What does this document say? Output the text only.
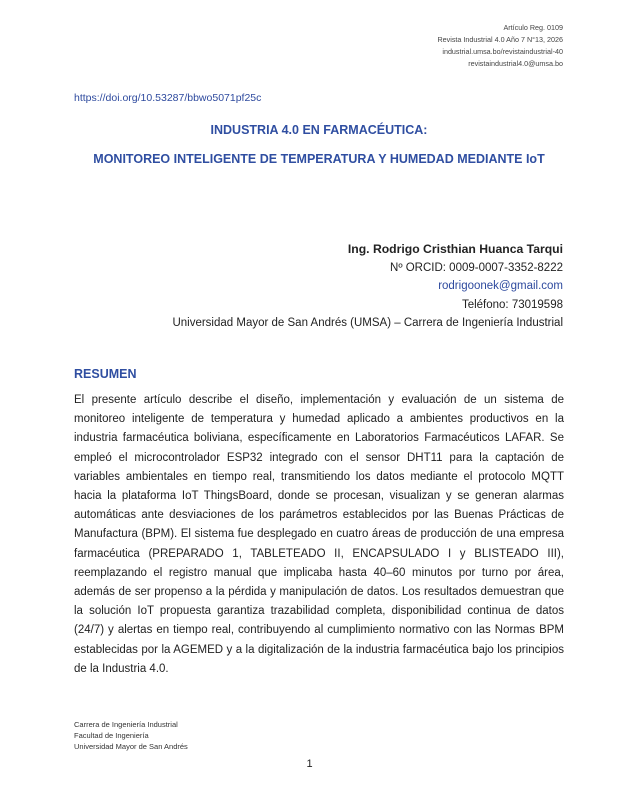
Artículo Reg. 0109
Revista Industrial 4.0 Año 7 N°13, 2026
industrial.umsa.bo/revistaindustrial-40
revistaindustrial4.0@umsa.bo
https://doi.org/10.53287/bbwo5071pf25c
INDUSTRIA 4.0 EN FARMACÉUTICA:
MONITOREO INTELIGENTE DE TEMPERATURA Y HUMEDAD MEDIANTE IoT
Ing. Rodrigo Cristhian Huanca Tarqui
Nº ORCID: 0009-0007-3352-8222
rodrigoonek@gmail.com
Teléfono: 73019598
Universidad Mayor de San Andrés (UMSA) – Carrera de Ingeniería Industrial
RESUMEN

El presente artículo describe el diseño, implementación y evaluación de un sistema de monitoreo inteligente de temperatura y humedad aplicado a ambientes productivos en la industria farmacéutica boliviana, específicamente en Laboratorios Farmacéuticos LAFAR. Se empleó el microcontrolador ESP32 integrado con el sensor DHT11 para la captación de variables ambientales en tiempo real, transmitiendo los datos mediante el protocolo MQTT hacia la plataforma IoT ThingsBoard, donde se procesan, visualizan y se generan alarmas automáticas ante desviaciones de los parámetros establecidos por las Buenas Prácticas de Manufactura (BPM). El sistema fue desplegado en cuatro áreas de producción de una empresa farmacéutica (PREPARADO 1, TABLETEADO II, ENCAPSULADO I y BLISTEADO III), reemplazando el registro manual que implicaba hasta 40–60 minutos por turno por área, además de ser propenso a la pérdida y manipulación de datos. Los resultados demuestran que la solución IoT propuesta garantiza trazabilidad completa, disponibilidad continua de datos (24/7) y alertas en tiempo real, contribuyendo al cumplimiento normativo con las Normas BPM establecidas por la AGEMED y a la digitalización de la industria farmacéutica bajo los principios de la Industria 4.0.

Carrera de Ingeniería Industrial
Facultad de Ingeniería
Universidad Mayor de San Andrés
1
